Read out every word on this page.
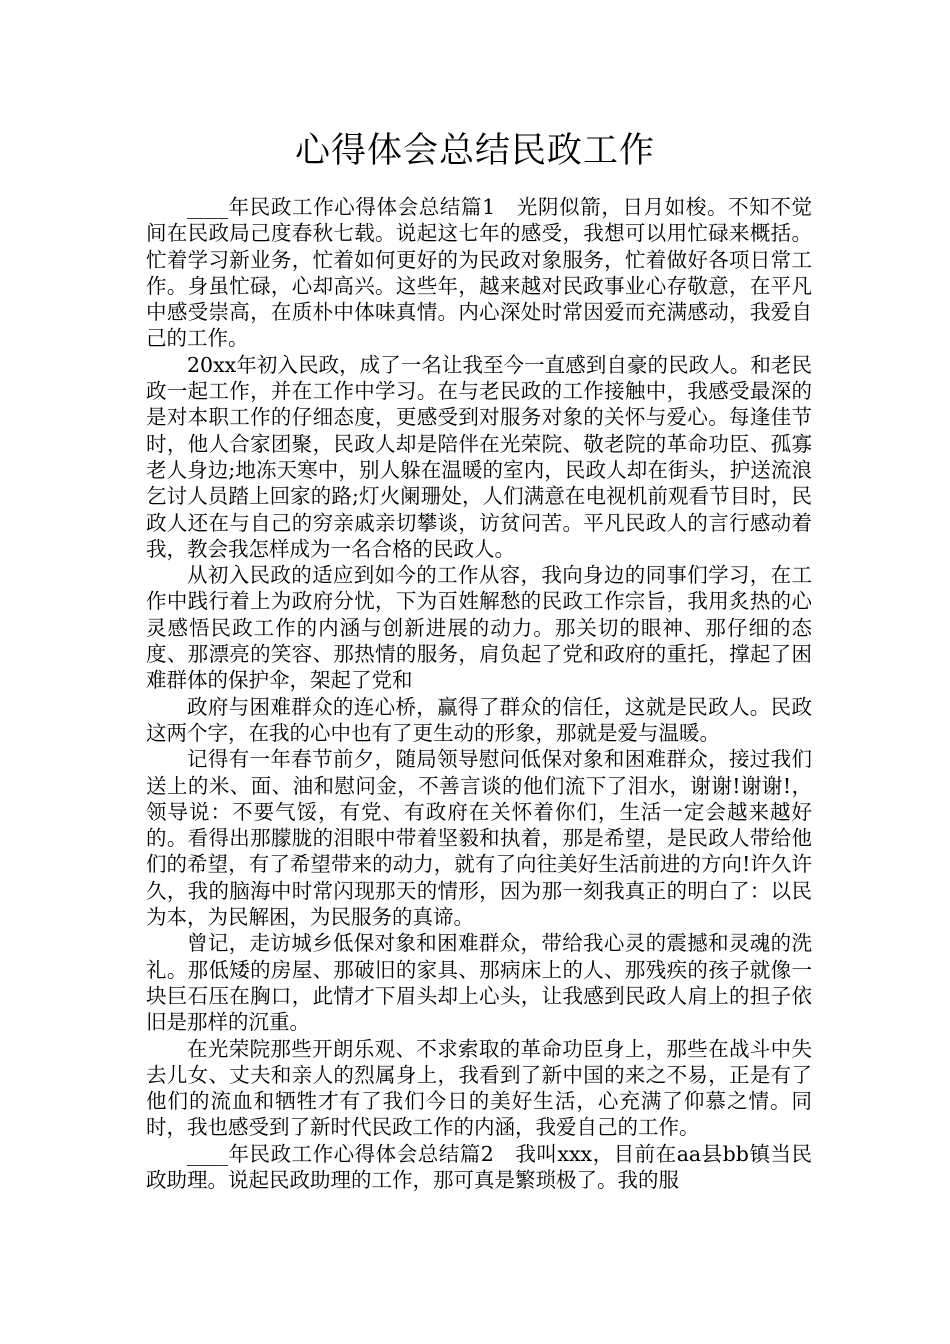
心得体会总结民政工作

____年民政工作心得体会总结篇1　光阴似箭，日月如梭。不知不觉间在民政局己度春秋七载。说起这七年的感受，我想可以用忙碌来概括。忙着学习新业务，忙着如何更好的为民政对象服务，忙着做好各项日常工作。身虽忙碌，心却高兴。这些年，越来越对民政事业心存敬意，在平凡中感受崇高，在质朴中体味真情。内心深处时常因爱而充满感动，我爱自己的工作。

20xx年初入民政，成了一名让我至今一直感到自豪的民政人。和老民政一起工作，并在工作中学习。在与老民政的工作接触中，我感受最深的是对本职工作的仔细态度，更感受到对服务对象的关怀与爱心。每逢佳节时，他人合家团聚，民政人却是陪伴在光荣院、敬老院的革命功臣、孤寡老人身边;地冻天寒中，别人躲在温暖的室内，民政人却在街头，护送流浪乞讨人员踏上回家的路;灯火阑珊处，人们满意在电视机前观看节目时，民政人还在与自己的穷亲戚亲切攀谈，访贫问苦。平凡民政人的言行感动着我，教会我怎样成为一名合格的民政人。

从初入民政的适应到如今的工作从容，我向身边的同事们学习，在工作中践行着上为政府分忧，下为百姓解愁的民政工作宗旨，我用炙热的心灵感悟民政工作的内涵与创新进展的动力。那关切的眼神、那仔细的态度、那漂亮的笑容、那热情的服务，肩负起了党和政府的重托，撑起了困难群体的保护伞，架起了党和

政府与困难群众的连心桥，赢得了群众的信任，这就是民政人。民政这两个字，在我的心中也有了更生动的形象，那就是爱与温暖。

记得有一年春节前夕，随局领导慰问低保对象和困难群众，接过我们送上的米、面、油和慰问金，不善言谈的他们流下了泪水，谢谢!谢谢!，领导说：不要气馁，有党、有政府在关怀着你们，生活一定会越来越好的。看得出那朦胧的泪眼中带着坚毅和执着，那是希望，是民政人带给他们的希望，有了希望带来的动力，就有了向往美好生活前进的方向!许久许久，我的脑海中时常闪现那天的情形，因为那一刻我真正的明白了：以民为本，为民解困，为民服务的真谛。

曾记，走访城乡低保对象和困难群众，带给我心灵的震撼和灵魂的洗礼。那低矮的房屋、那破旧的家具、那病床上的人、那残疾的孩子就像一块巨石压在胸口，此情才下眉头却上心头，让我感到民政人肩上的担子依旧是那样的沉重。

在光荣院那些开朗乐观、不求索取的革命功臣身上，那些在战斗中失去儿女、丈夫和亲人的烈属身上，我看到了新中国的来之不易，正是有了他们的流血和牺牲才有了我们今日的美好生活，心充满了仰慕之情。同时，我也感受到了新时代民政工作的内涵，我爱自己的工作。

____年民政工作心得体会总结篇2　我叫xxx，目前在aa县bb镇当民政助理。说起民政助理的工作，那可真是繁琐极了。我的服
